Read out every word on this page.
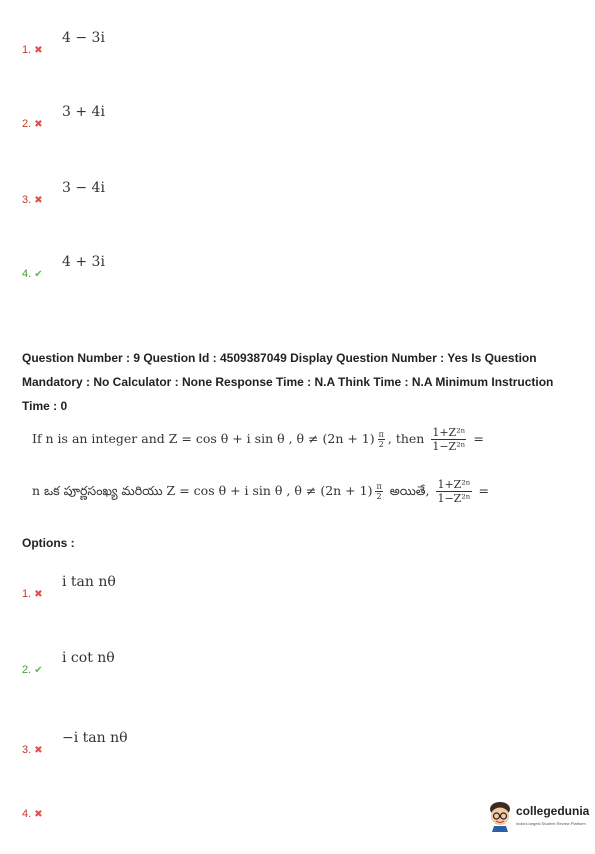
4 − 3i
1. ✖
3 + 4i
2. ✖
3 − 4i
3. ✖
4 + 3i
4. ✔
Question Number : 9 Question Id : 4509387049 Display Question Number : Yes Is Question Mandatory : No Calculator : None Response Time : N.A Think Time : N.A Minimum Instruction Time : 0
If n is an integer and Z = cos θ + i sin θ , $\theta \ne (2n + 1) \frac{\pi}{2}$ , then $\frac{\text{1+Z²ⁿ}}{\text{1−Z²ⁿ}}$ =
n ఒక పూర్ణసంఖ్య మరియు Z = cos θ + i sin θ , $\theta \ne (2n + 1) \frac{\pi}{2}$ అయితే, $\frac{\text{1+Z²ⁿ}}{\text{1−Z²ⁿ}}$ =
Options :
i tan nθ
1. ✖
i cot nθ
2. ✔
−i tan nθ
3. ✖
4. ✖	collegedunia
India's largest Student Review Platform
